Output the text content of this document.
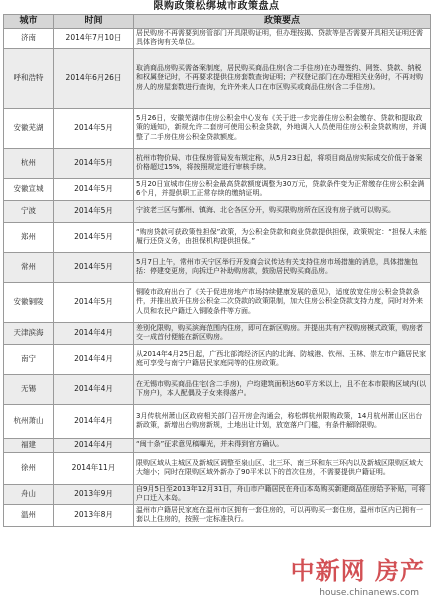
限购政策松绑城市政策盘点
城市	时间	政策要点
济南	2014年7月10日	居民购房不再需要到房管部门开具限购证明，但办理按揭、贷款等是否需要开具相关证明还需具体咨询有关单位。
呼和浩特	2014年6月26日	取消商品房购买需备案制度，居民购买商品住房(含二手住房)在办理签约、网签、贷款、纳税和权属登记时，不再要求提供住房套数查询证明；产权登记部门在办理相关业务时，不再对购房人的房屋套数进行查询，允许外来人口在市区购买或商品住房(含二手住房)。
安徽芜湖	2014年5月	5月26日，安徽芜湖市住房公积金中心发布《关于进一步完善住房公积金缴存、贷款和提取政策的通知》，新规允许二套房可使用公积金贷款，外地调入人员使用住房公积金贷款购房，并调整了二手房住房公积金贷款额度。
杭州	2014年5月	杭州市物价局、市住保房管局发布规定称，从5月23日起，将项目商品房实际成交价低于备案价格超过15%，将按照规定进行审核手续。
安徽宣城	2014年5月	5月20日宣城市住房公积金最高贷款额度调整为30万元，贷款条件变为正常缴存住房公积金满6个月，并提供职工正常存续的缴纳证明。
宁波	2014年5月	宁波老三区与鄞州、镇海、北仑各区分开，购买限购房所在区没有房子就可以购买。
郑州	2014年5月	“购房贷款可获政策性担保”政策，为公积金贷款和商业贷款提供担保，政策规定：“担保人未能履行还贷义务，由担保机构提供担保。”
常州	2014年5月	5月7日上午，常州市天宁区举行开发商会议传达有关支持住房市场措施的消息，具体措施包括：停建变更房，向拆迁户补助购房款，鼓励居民购买商品房。
安徽铜陵	2014年5月	铜陵市政府出台了《关于促进房地产市场持续健康发展的意见》，适度放宽住房公积金贷款条件，并推出放开住房公积金二次贷款的政策限制，加大住房公积金贷款支持力度，同时对外来人员和农民户籍迁入铜陵条件等方面。
天津滨海	2014年4月	差别化限购，购买滨海范围内住房，即可在新区购房。并提出共有产权购房模式政策，购房者交一成首付便能在新区购房。
南宁	2014年4月	从2014年4月25日起，广西北部湾经济区内的北海、防城港、钦州、玉林、崇左市户籍居民家庭可享受与南宁户籍居民家庭同等的住房政策。
无锡	2014年4月	在无锡市购买商品住宅(含二手房)，户均建筑面积达60平方米以上，且不在本市限购区域内(以下房户)，本人配偶及子女来得落户。
杭州萧山	2014年4月	3月传杭州萧山区政府相关部门召开房企沟通会，称松绑杭州限购政策，14月杭州萧山区出台新政策，新增出台购房新规，土地出让计划，放宽落户门槛，有条件解除限购。
福建	2014年4月	“闽十条”征求意见稿曝光，并未得到官方确认。
徐州	2014年11月	限购区域从主城区及新城区调整至泉山区、北三环、南三环和东三环内以及新城区限购区域大大缩小；同时在限购区域外新办了90平米以下的首次住房，不需要提供户籍证明。
舟山	2013年9月	自9月5日至2013年12月31日，舟山市户籍居民在舟山本岛购买新建商品住房给予补贴，可将户口迁入本岛。
温州	2013年8月	温州市户籍居民家庭在温州市区拥有一套住房的，可以再购买一套住房，温州市区内已拥有一套以上住房的，按照一定标准执行。
中新网 房产
house.chinanews.com
